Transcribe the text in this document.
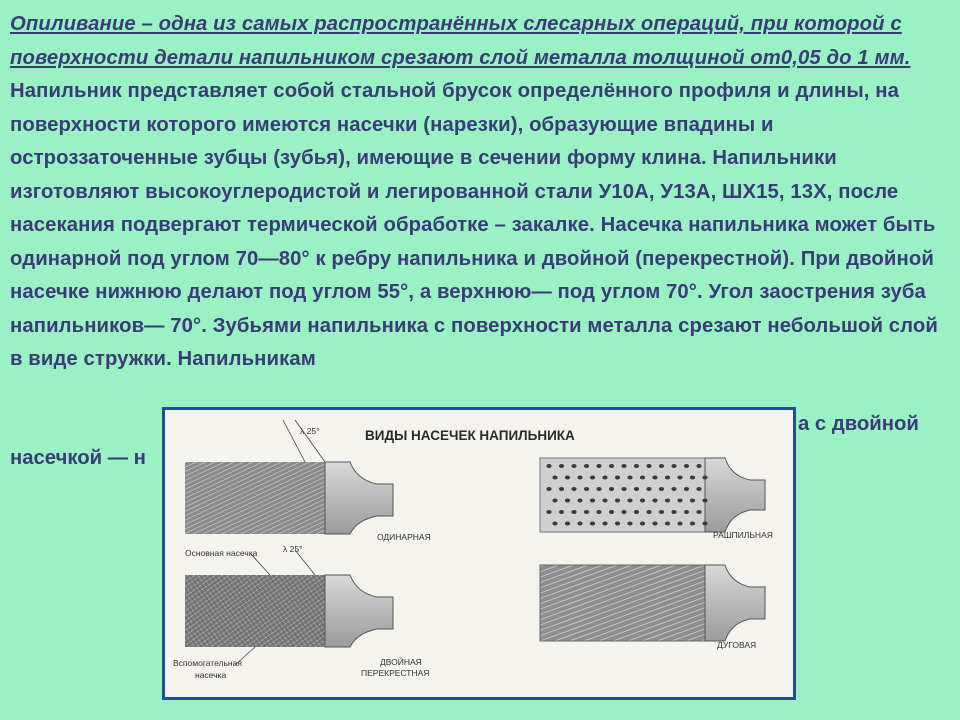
Опиливание – одна из самых распространённых слесарных операций, при которой с поверхности детали напильником срезают слой металла толщиной от0,05 до 1 мм. Напильник представляет собой стальной брусок определённого профиля и длины, на поверхности которого имеются насечки (нарезки), образующие впадины и остроззаточенные зубцы (зубья), имеющие в сечении форму клина. Напильники изготовляют высокоуглеродистой и легированной стали У10А, У13А, ШХ15, 13Х, после насекания подвергают термической обработке – закалке. Насечка напильника может быть одинарной под углом 70—80° к ребру напильника и двойной (перекрестной). При двойной насечке нижнюю делают под углом 55°, а верхнюю— под углом 70°. Угол заострения зуба напильников— 70°. Зубьями напильника с поверхности металла срезают небольшой слой в виде стружки. Напильникам
а с двойной
насечкой — н
ВИДЫ НАСЕЧЕК НАПИЛЬНИКА
λ 25°
ОДИНАРНАЯ
Основная насечка	λ 25°
ДВОЙНАЯ
ПЕРЕКРЕСТНАЯ
Вспомогательная
насечка
РАШПИЛЬНАЯ
ДУГОВАЯ
